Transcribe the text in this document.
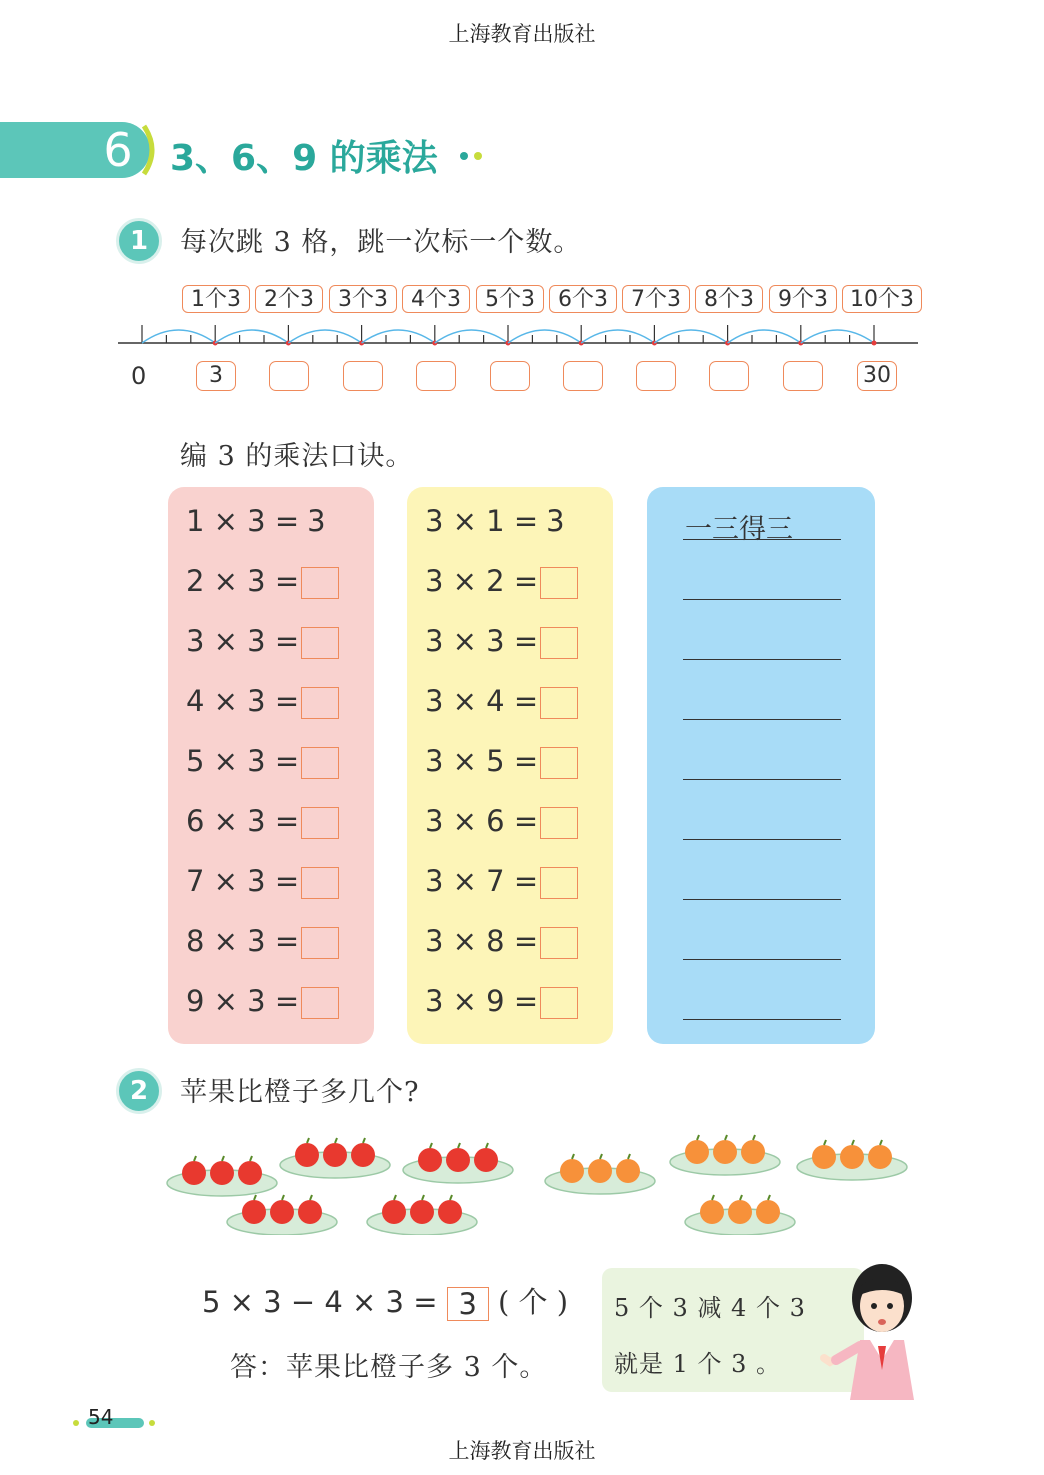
上海教育出版社
6 3、6、9 的乘法
1	每次跳 3 格，跳一次标一个数。
1个3	2个3	3个3	4个3	5个3	6个3	7个3	8个3	9个3	10个3
0	3	30
编 3 的乘法口诀。
1 × 3 = 3
2 × 3 =
3 × 3 =
4 × 3 =
5 × 3 =
6 × 3 =
7 × 3 =
8 × 3 =
9 × 3 =
3 × 1 = 3
3 × 2 =
3 × 3 =
3 × 4 =
3 × 5 =
3 × 6 =
3 × 7 =
3 × 8 =
3 × 9 =
一三得三
2	苹果比橙子多几个?
5 × 3 − 4 × 3 = 3 ( 个 )
答：苹果比橙子多 3 个。
5 个 3 减 4 个 3
就是 1 个 3 。
54
上海教育出版社
